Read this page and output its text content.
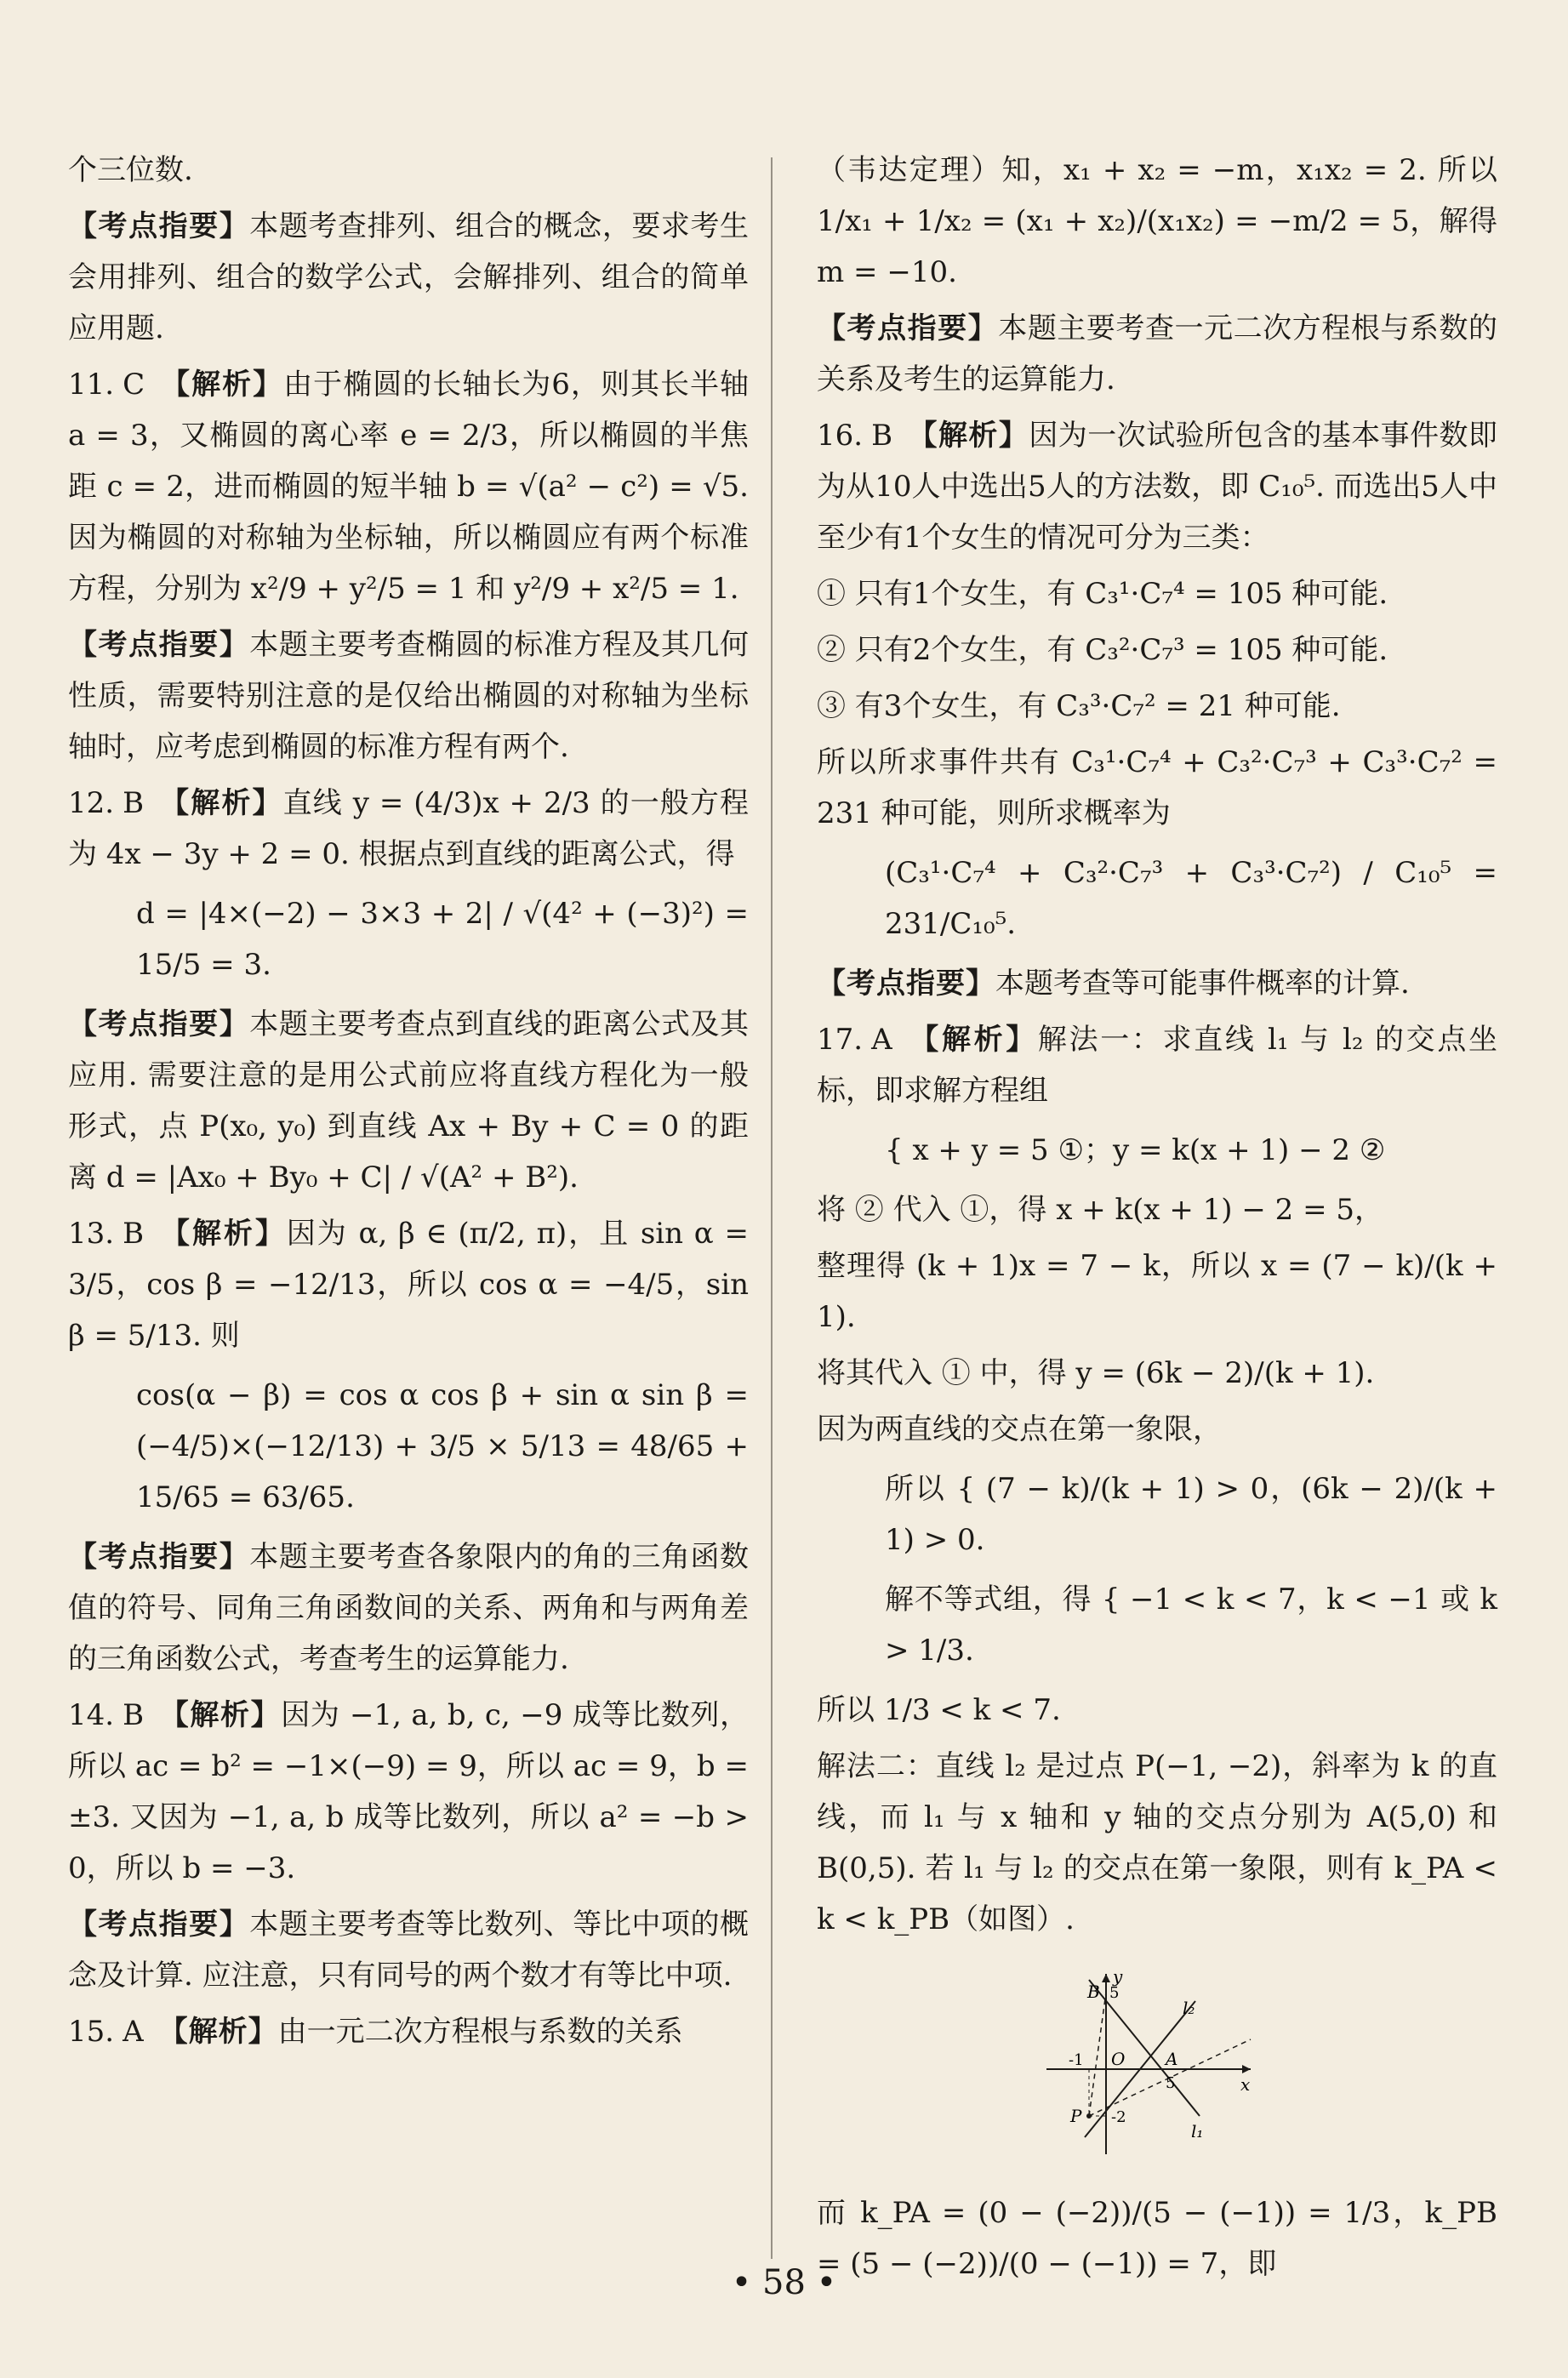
个三位数.

【考点指要】本题考查排列、组合的概念，要求考生会用排列、组合的数学公式，会解排列、组合的简单应用题.

11. C 【解析】由于椭圆的长轴长为6，则其长半轴 a = 3，又椭圆的离心率 e = 2/3，所以椭圆的半焦距 c = 2，进而椭圆的短半轴 b = √(a² − c²) = √5. 因为椭圆的对称轴为坐标轴，所以椭圆应有两个标准方程，分别为 x²/9 + y²/5 = 1 和 y²/9 + x²/5 = 1.

【考点指要】本题主要考查椭圆的标准方程及其几何性质，需要特别注意的是仅给出椭圆的对称轴为坐标轴时，应考虑到椭圆的标准方程有两个.

12. B 【解析】直线 y = (4/3)x + 2/3 的一般方程为 4x − 3y + 2 = 0. 根据点到直线的距离公式，得

d = |4×(−2) − 3×3 + 2| / √(4² + (−3)²) = 15/5 = 3.

【考点指要】本题主要考查点到直线的距离公式及其应用. 需要注意的是用公式前应将直线方程化为一般形式，点 P(x₀, y₀) 到直线 Ax + By + C = 0 的距离 d = |Ax₀ + By₀ + C| / √(A² + B²).

13. B 【解析】因为 α, β ∈ (π/2, π)，且 sin α = 3/5，cos β = −12/13，所以 cos α = −4/5，sin β = 5/13. 则

cos(α − β) = cos α cos β + sin α sin β = (−4/5)×(−12/13) + 3/5 × 5/13 = 48/65 + 15/65 = 63/65.

【考点指要】本题主要考查各象限内的角的三角函数值的符号、同角三角函数间的关系、两角和与两角差的三角函数公式，考查考生的运算能力.

14. B 【解析】因为 −1, a, b, c, −9 成等比数列，所以 ac = b² = −1×(−9) = 9，所以 ac = 9，b = ±3. 又因为 −1, a, b 成等比数列，所以 a² = −b > 0，所以 b = −3.

【考点指要】本题主要考查等比数列、等比中项的概念及计算. 应注意，只有同号的两个数才有等比中项.

15. A 【解析】由一元二次方程根与系数的关系

（韦达定理）知，x₁ + x₂ = −m，x₁x₂ = 2. 所以 1/x₁ + 1/x₂ = (x₁ + x₂)/(x₁x₂) = −m/2 = 5，解得 m = −10.

【考点指要】本题主要考查一元二次方程根与系数的关系及考生的运算能力.

16. B 【解析】因为一次试验所包含的基本事件数即为从10人中选出5人的方法数，即 C₁₀⁵. 而选出5人中至少有1个女生的情况可分为三类：

① 只有1个女生，有 C₃¹·C₇⁴ = 105 种可能.

② 只有2个女生，有 C₃²·C₇³ = 105 种可能.

③ 有3个女生，有 C₃³·C₇² = 21 种可能.

所以所求事件共有 C₃¹·C₇⁴ + C₃²·C₇³ + C₃³·C₇² = 231 种可能，则所求概率为

(C₃¹·C₇⁴ + C₃²·C₇³ + C₃³·C₇²) / C₁₀⁵ = 231/C₁₀⁵.

【考点指要】本题考查等可能事件概率的计算.

17. A 【解析】解法一：求直线 l₁ 与 l₂ 的交点坐标，即求解方程组

{ x + y = 5 ①；y = k(x + 1) − 2 ②

将 ② 代入 ①，得 x + k(x + 1) − 2 = 5，

整理得 (k + 1)x = 7 − k，所以 x = (7 − k)/(k + 1).

将其代入 ① 中，得 y = (6k − 2)/(k + 1).

因为两直线的交点在第一象限，

所以 { (7 − k)/(k + 1) > 0，(6k − 2)/(k + 1) > 0.

解不等式组，得 { −1 < k < 7，k < −1 或 k > 1/3.

所以 1/3 < k < 7.

解法二：直线 l₂ 是过点 P(−1, −2)，斜率为 k 的直线，而 l₁ 与 x 轴和 y 轴的交点分别为 A(5,0) 和 B(0,5). 若 l₁ 与 l₂ 的交点在第一象限，则有 k_PA < k < k_PB（如图）.

y
x
B 5
l₂
-1 O A
5
P -2
l₁

而 k_PA = (0 − (−2))/(5 − (−1)) = 1/3，k_PB = (5 − (−2))/(0 − (−1)) = 7，即

• 58 •
